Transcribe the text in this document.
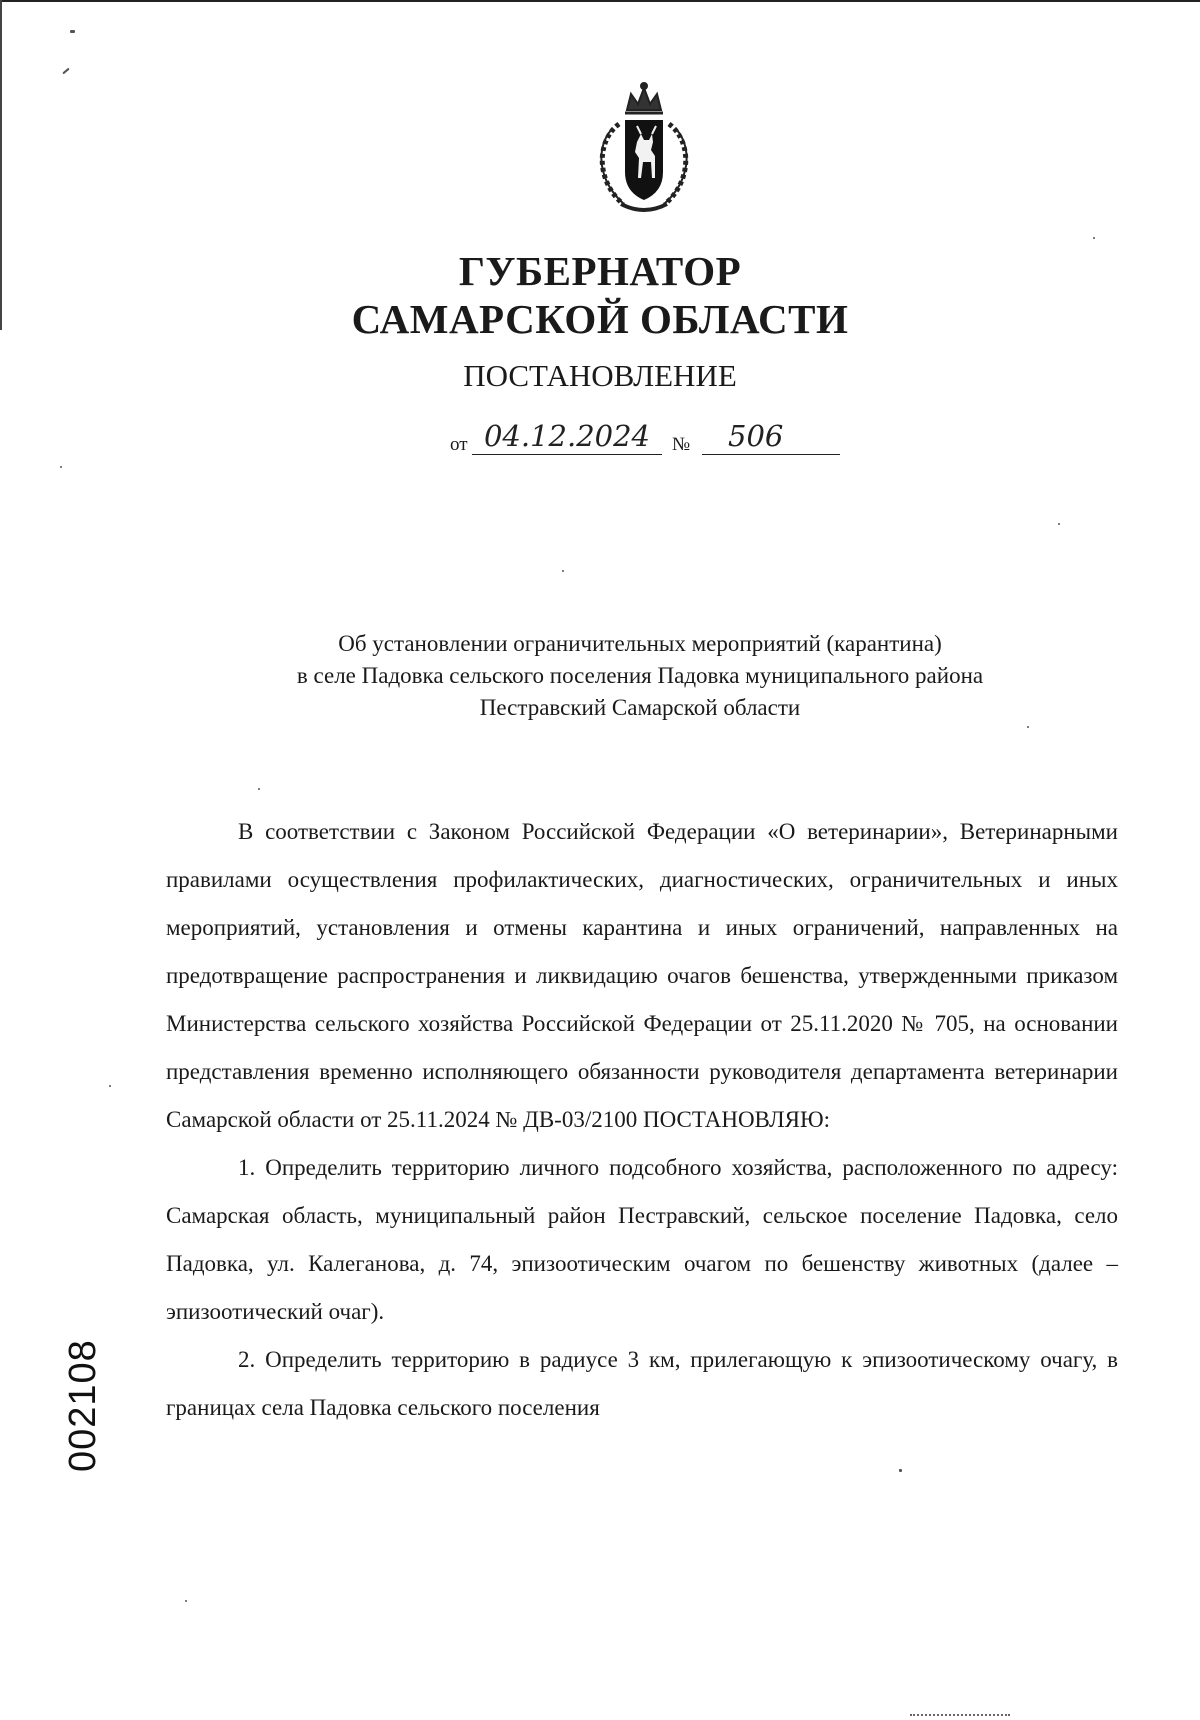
ГУБЕРНАТОР
САМАРСКОЙ ОБЛАСТИ
ПОСТАНОВЛЕНИЕ
от 04.12.2024	№	506
Об установлении ограничительных мероприятий (карантина)
в селе Падовка сельского поселения Падовка муниципального района
Пестравский Самарской области

В соответствии с Законом Российской Федерации «О ветеринарии», Ветеринарными правилами осуществления профилактических, диагностических, ограничительных и иных мероприятий, установления и отмены карантина и иных ограничений, направленных на предотвращение распространения и ликвидацию очагов бешенства, утвержденными приказом Министерства сельского хозяйства Российской Федерации от 25.11.2020 № 705, на основании представления временно исполняющего обязанности руководителя департамента ветеринарии Самарской области от 25.11.2024 № ДВ-03/2100 ПОСТАНОВЛЯЮ:

1. Определить территорию личного подсобного хозяйства, расположенного по адресу: Самарская область, муниципальный район Пестравский, сельское поселение Падовка, село Падовка, ул. Калеганова, д. 74, эпизоотическим очагом по бешенству животных (далее – эпизоотический очаг).

2. Определить территорию в радиусе 3 км, прилегающую к эпизоотическому очагу, в границах села Падовка сельского поселения

002108
